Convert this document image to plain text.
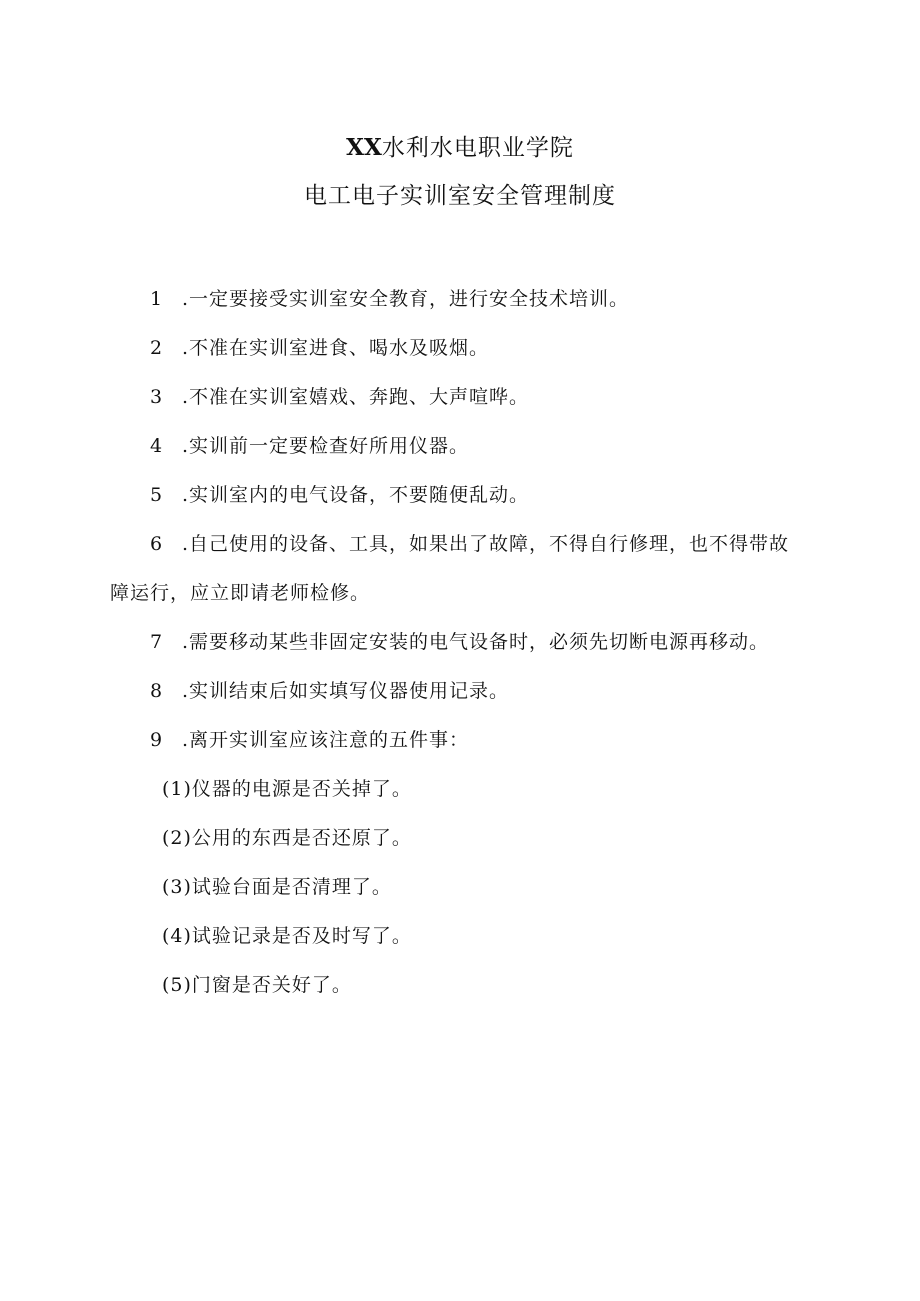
XX水利水电职业学院
电工电子实训室安全管理制度

1 .一定要接受实训室安全教育，进行安全技术培训。

2 .不准在实训室进食、喝水及吸烟。

3 .不准在实训室嬉戏、奔跑、大声喧哗。

4 .实训前一定要检查好所用仪器。

5 .实训室内的电气设备，不要随便乱动。

6 .自己使用的设备、工具，如果出了故障，不得自行修理，也不得带故障运行，应立即请老师检修。

7 .需要移动某些非固定安装的电气设备时，必须先切断电源再移动。

8 .实训结束后如实填写仪器使用记录。

9 .离开实训室应该注意的五件事：

(1)仪器的电源是否关掉了。

(2)公用的东西是否还原了。

(3)试验台面是否清理了。

(4)试验记录是否及时写了。

(5)门窗是否关好了。
